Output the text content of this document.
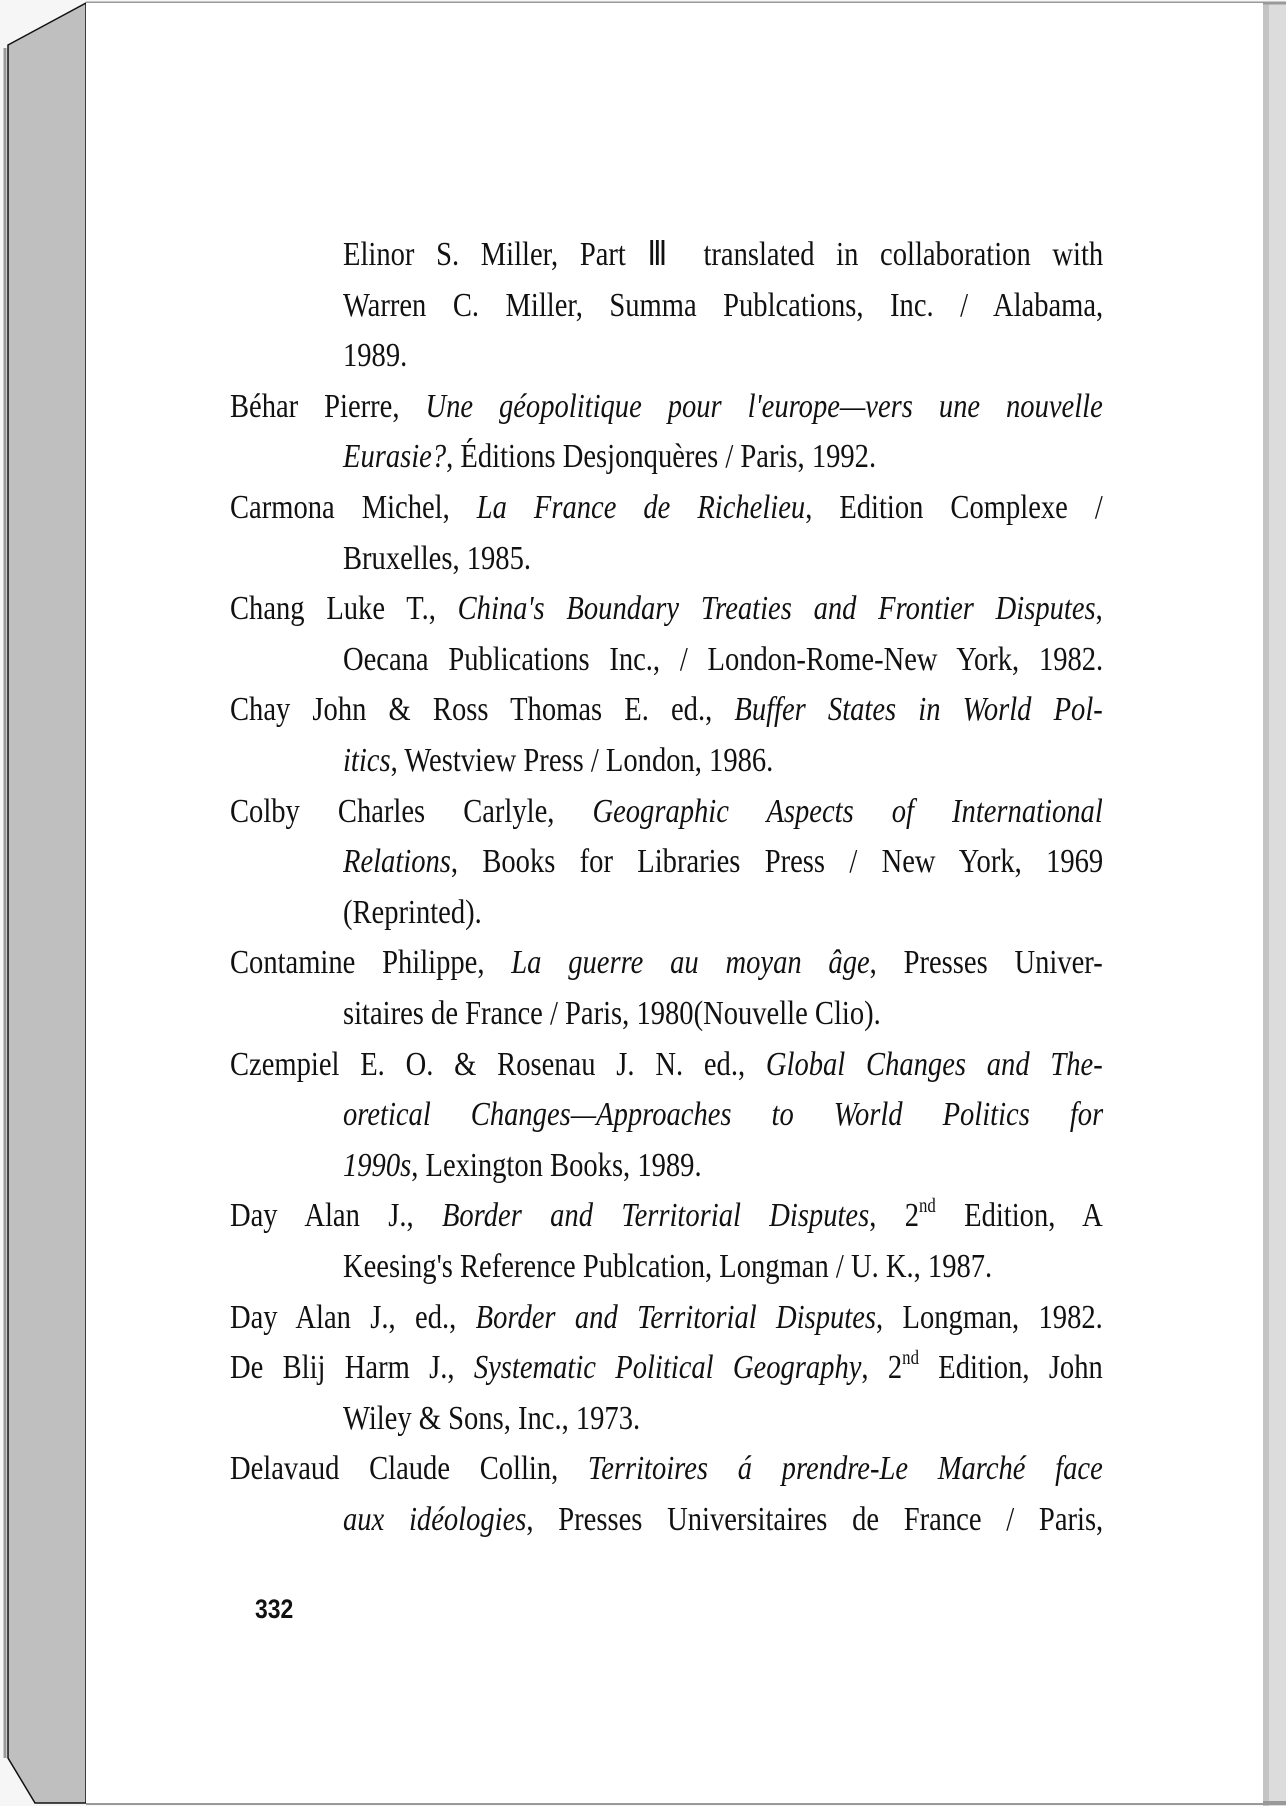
Elinor S. Miller, Part Ⅲ translated in collaboration with
Warren C. Miller, Summa Publcations, Inc. / Alabama,
1989.
Béhar Pierre, Une géopolitique pour l'europe—vers une nouvelle
Eurasie?, Éditions Desjonquères / Paris, 1992.
Carmona Michel, La France de Richelieu, Edition Complexe /
Bruxelles, 1985.
Chang Luke T., China's Boundary Treaties and Frontier Disputes,
Oecana Publications Inc., / London-Rome-New York, 1982.
Chay John & Ross Thomas E. ed., Buffer States in World Pol-
itics, Westview Press / London, 1986.
Colby Charles Carlyle, Geographic Aspects of International
Relations, Books for Libraries Press / New York, 1969
(Reprinted).
Contamine Philippe, La guerre au moyan âge, Presses Univer-
sitaires de France / Paris, 1980(Nouvelle Clio).
Czempiel E. O. & Rosenau J. N. ed., Global Changes and The-
oretical Changes—Approaches to World Politics for
1990s, Lexington Books, 1989.
Day Alan J., Border and Territorial Disputes, 2nd Edition, A
Keesing's Reference Publcation, Longman / U. K., 1987.
Day Alan J., ed., Border and Territorial Disputes, Longman, 1982.
De Blij Harm J., Systematic Political Geography, 2nd Edition, John
Wiley & Sons, Inc., 1973.
Delavaud Claude Collin, Territoires á prendre-Le Marché face
aux idéologies, Presses Universitaires de France / Paris,
332
